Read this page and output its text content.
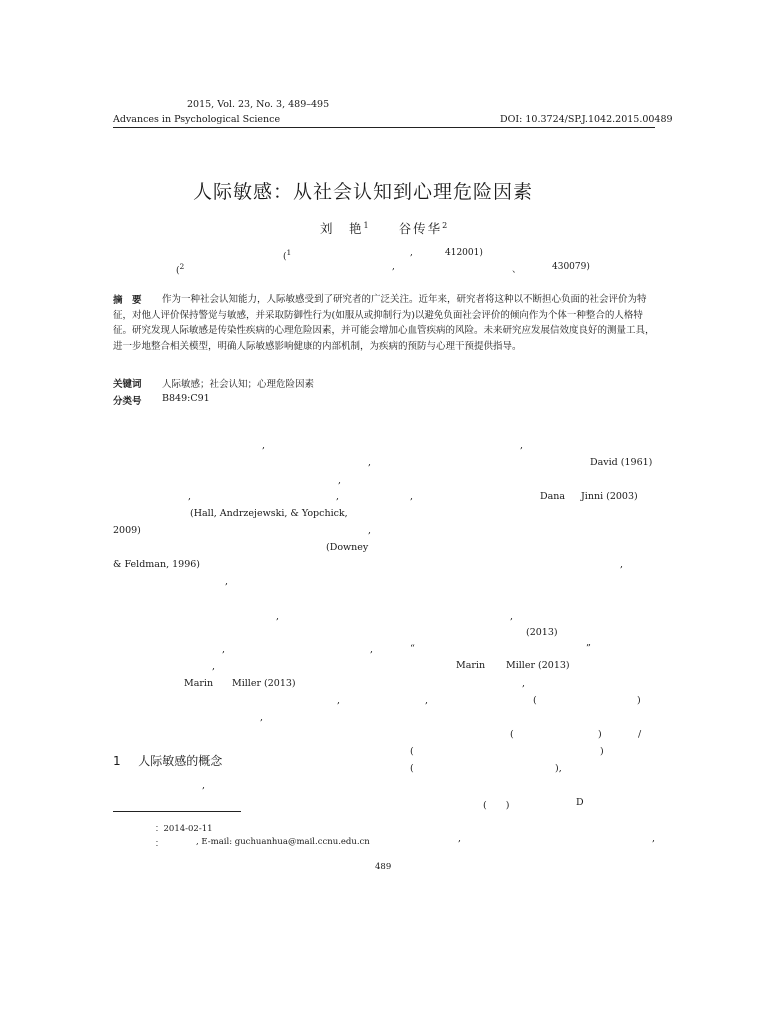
2015, Vol. 23, No. 3, 489–495
Advances in Psychological Science	DOI: 10.3724/SP.J.1042.2015.00489
人际敏感：从社会认知到心理危险因素
刘　艳$^1$ 谷传华$^2$
($^1$	,	412001)
($^2$	,	、	430079)
摘　要	作为一种社会认知能力，人际敏感受到了研究者的广泛关注。近年来，研究者将这种以不断担心负面的社会评价为特征，对他人评价保持警觉与敏感，并采取防御性行为(如服从或抑制行为)以避免负面社会评价的倾向作为个体一种整合的人格特征。研究发现人际敏感是传染性疾病的心理危险因素，并可能会增加心血管疾病的风险。未来研究应发展信效度良好的测量工具，进一步地整合相关模型，明确人际敏感影响健康的内部机制，为疾病的预防与心理干预提供指导。
关键词 人际敏感；社会认知；心理危险因素
分类号 B849:C91
,
,
,
,	,
(Hall, Andrzejewski, & Yopchick,
2009)	,
(Downey
& Feldman, 1996)
,
,
,	,
,
Marin Miller (2013)
,
,
1 人际敏感的概念
,
,
David (1961)
,	Dana Jinni (2003)
,
,
(2013)
“	”
Marin Miller (2013)
,
,	(	)
(	)	/
(	)
(	),
(　　)	D
,	,
：2014-02-11
：	, E-mail: guchuanhua@mail.ccnu.edu.cn
489
